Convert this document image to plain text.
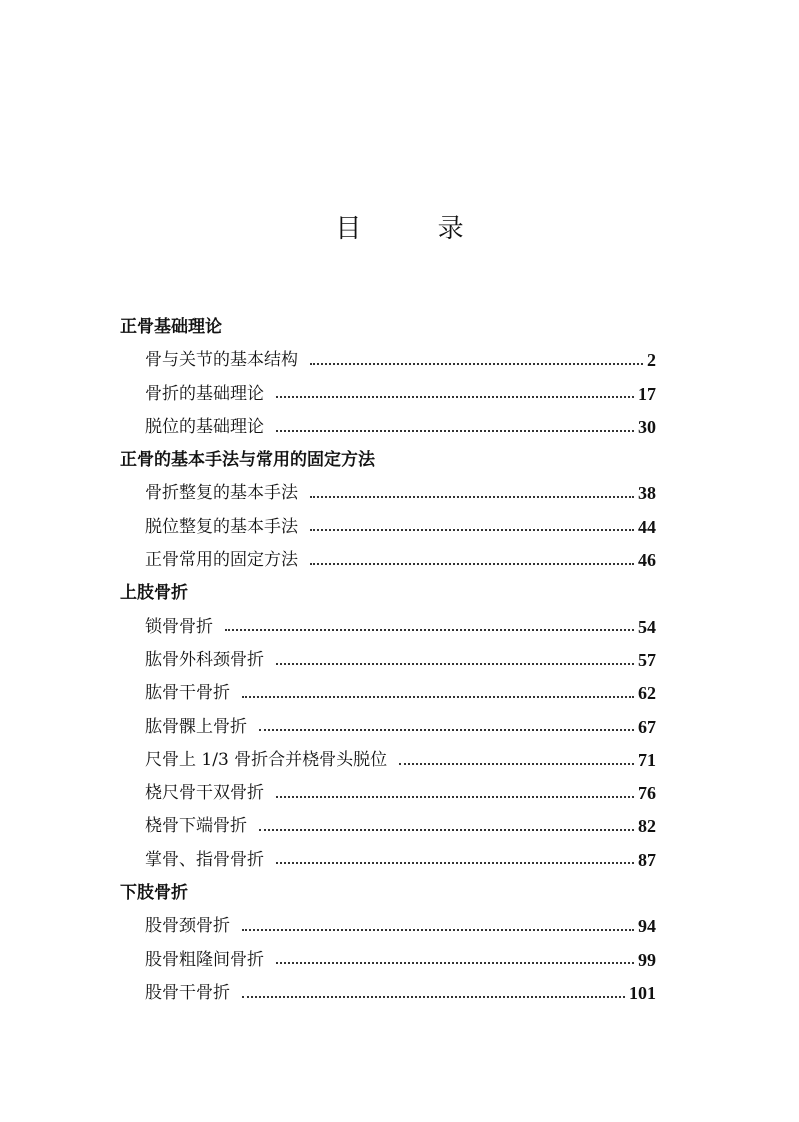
目 录
正骨基础理论
骨与关节的基本结构	2
骨折的基础理论	17
脱位的基础理论	30
正骨的基本手法与常用的固定方法
骨折整复的基本手法	38
脱位整复的基本手法	44
正骨常用的固定方法	46
上肢骨折
锁骨骨折	54
肱骨外科颈骨折	57
肱骨干骨折	62
肱骨髁上骨折	67
尺骨上 1/3 骨折合并桡骨头脱位	71
桡尺骨干双骨折	76
桡骨下端骨折	82
掌骨、指骨骨折	87
下肢骨折
股骨颈骨折	94
股骨粗隆间骨折	99
股骨干骨折	101
